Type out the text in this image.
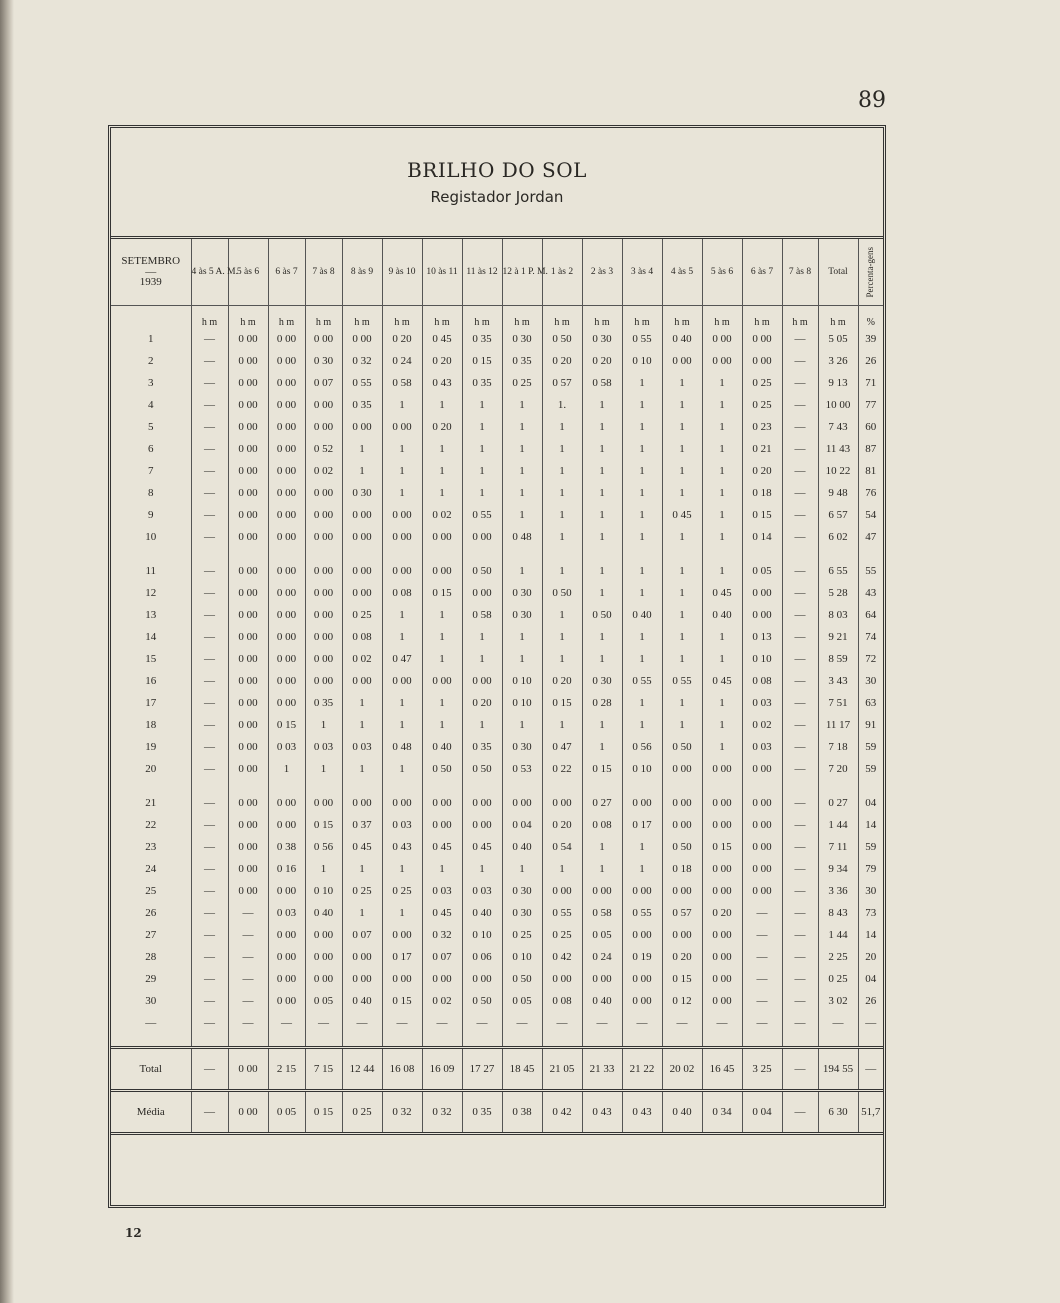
89
BRILHO DO SOL
Registador Jordan
SETEMBRO
—
1939	4 às 5 A. M.	5 às 6	6 às 7	7 às 8	8 às 9	9 às 10	10 às 11	11 às 12	12 à 1 P. M.	1 às 2	2 às 3	3 às 4	4 às 5	5 às 6	6 às 7	7 às 8	Total	Percenta-gens
	h m	h m	h m	h m	h m	h m	h m	h m	h m	h m	h m	h m	h m	h m	h m	h m	h m	%
1	—	0 00	0 00	0 00	0 00	0 20	0 45	0 35	0 30	0 50	0 30	0 55	0 40	0 00	0 00	—	5 05	39
2	—	0 00	0 00	0 30	0 32	0 24	0 20	0 15	0 35	0 20	0 20	0 10	0 00	0 00	0 00	—	3 26	26
3	—	0 00	0 00	0 07	0 55	0 58	0 43	0 35	0 25	0 57	0 58	1	1	1	0 25	—	9 13	71
4	—	0 00	0 00	0 00	0 35	1	1	1	1	1.	1	1	1	1	0 25	—	10 00	77
5	—	0 00	0 00	0 00	0 00	0 00	0 20	1	1	1	1	1	1	1	0 23	—	7 43	60
6	—	0 00	0 00	0 52	1	1	1	1	1	1	1	1	1	1	0 21	—	11 43	87
7	—	0 00	0 00	0 02	1	1	1	1	1	1	1	1	1	1	0 20	—	10 22	81
8	—	0 00	0 00	0 00	0 30	1	1	1	1	1	1	1	1	1	0 18	—	9 48	76
9	—	0 00	0 00	0 00	0 00	0 00	0 02	0 55	1	1	1	1	0 45	1	0 15	—	6 57	54
10	—	0 00	0 00	0 00	0 00	0 00	0 00	0 00	0 48	1	1	1	1	1	0 14	—	6 02	47

11	—	0 00	0 00	0 00	0 00	0 00	0 00	0 50	1	1	1	1	1	1	0 05	—	6 55	55
12	—	0 00	0 00	0 00	0 00	0 08	0 15	0 00	0 30	0 50	1	1	1	0 45	0 00	—	5 28	43
13	—	0 00	0 00	0 00	0 25	1	1	0 58	0 30	1	0 50	0 40	1	0 40	0 00	—	8 03	64
14	—	0 00	0 00	0 00	0 08	1	1	1	1	1	1	1	1	1	0 13	—	9 21	74
15	—	0 00	0 00	0 00	0 02	0 47	1	1	1	1	1	1	1	1	0 10	—	8 59	72
16	—	0 00	0 00	0 00	0 00	0 00	0 00	0 00	0 10	0 20	0 30	0 55	0 55	0 45	0 08	—	3 43	30
17	—	0 00	0 00	0 35	1	1	1	0 20	0 10	0 15	0 28	1	1	1	0 03	—	7 51	63
18	—	0 00	0 15	1	1	1	1	1	1	1	1	1	1	1	0 02	—	11 17	91
19	—	0 00	0 03	0 03	0 03	0 48	0 40	0 35	0 30	0 47	1	0 56	0 50	1	0 03	—	7 18	59
20	—	0 00	1	1	1	1	0 50	0 50	0 53	0 22	0 15	0 10	0 00	0 00	0 00	—	7 20	59

21	—	0 00	0 00	0 00	0 00	0 00	0 00	0 00	0 00	0 00	0 27	0 00	0 00	0 00	0 00	—	0 27	04
22	—	0 00	0 00	0 15	0 37	0 03	0 00	0 00	0 04	0 20	0 08	0 17	0 00	0 00	0 00	—	1 44	14
23	—	0 00	0 38	0 56	0 45	0 43	0 45	0 45	0 40	0 54	1	1	0 50	0 15	0 00	—	7 11	59
24	—	0 00	0 16	1	1	1	1	1	1	1	1	1	0 18	0 00	0 00	—	9 34	79
25	—	0 00	0 00	0 10	0 25	0 25	0 03	0 03	0 30	0 00	0 00	0 00	0 00	0 00	0 00	—	3 36	30
26	—	—	0 03	0 40	1	1	0 45	0 40	0 30	0 55	0 58	0 55	0 57	0 20	—	—	8 43	73
27	—	—	0 00	0 00	0 07	0 00	0 32	0 10	0 25	0 25	0 05	0 00	0 00	0 00	—	—	1 44	14
28	—	—	0 00	0 00	0 00	0 17	0 07	0 06	0 10	0 42	0 24	0 19	0 20	0 00	—	—	2 25	20
29	—	—	0 00	0 00	0 00	0 00	0 00	0 00	0 50	0 00	0 00	0 00	0 15	0 00	—	—	0 25	04
30	—	—	0 00	0 05	0 40	0 15	0 02	0 50	0 05	0 08	0 40	0 00	0 12	0 00	—	—	3 02	26
—	—	—	—	—	—	—	—	—	—	—	—	—	—	—	—	—	—	—

Total	—	0 00	2 15	7 15	12 44	16 08	16 09	17 27	18 45	21 05	21 33	21 22	20 02	16 45	3 25	—	194 55	—
Média	—	0 00	0 05	0 15	0 25	0 32	0 32	0 35	0 38	0 42	0 43	0 43	0 40	0 34	0 04	—	6 30	51,7

12
